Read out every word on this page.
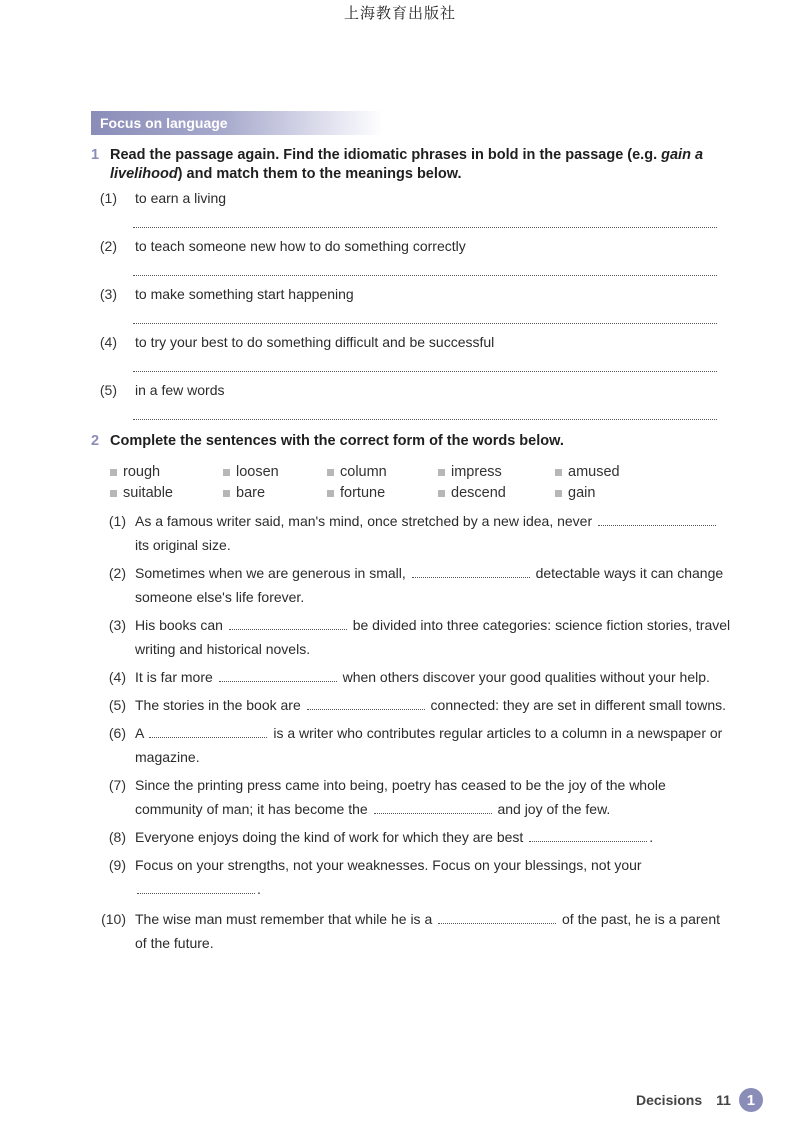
上海教育出版社
Focus on language
1 Read the passage again. Find the idiomatic phrases in bold in the passage (e.g. gain a livelihood) and match them to the meanings below.
(1) to earn a living
(2) to teach someone new how to do something correctly
(3) to make something start happening
(4) to try your best to do something difficult and be successful
(5) in a few words
2 Complete the sentences with the correct form of the words below.
rough	loosen	column	impress	amused
suitable	bare	fortune	descend	gain
(1) As a famous writer said, man's mind, once stretched by a new idea, never  its original size.
(2) Sometimes when we are generous in small,	detectable ways it can change someone else's life forever.
(3) His books can	be divided into three categories: science fiction stories, travel writing and historical novels.
(4) It is far more	when others discover your good qualities without your help.
(5) The stories in the book are	connected: they are set in different small towns.
(6) A	is a writer who contributes regular articles to a column in a newspaper or magazine.
(7) Since the printing press came into being, poetry has ceased to be the joy of the whole community of man; it has become the	and joy of the few.
(8) Everyone enjoys doing the kind of work for which they are best	.
(9) Focus on your strengths, not your weaknesses. Focus on your blessings, not your .
(10) The wise man must remember that while he is a	of the past, he is a parent of the future.
Decisions 11	1
